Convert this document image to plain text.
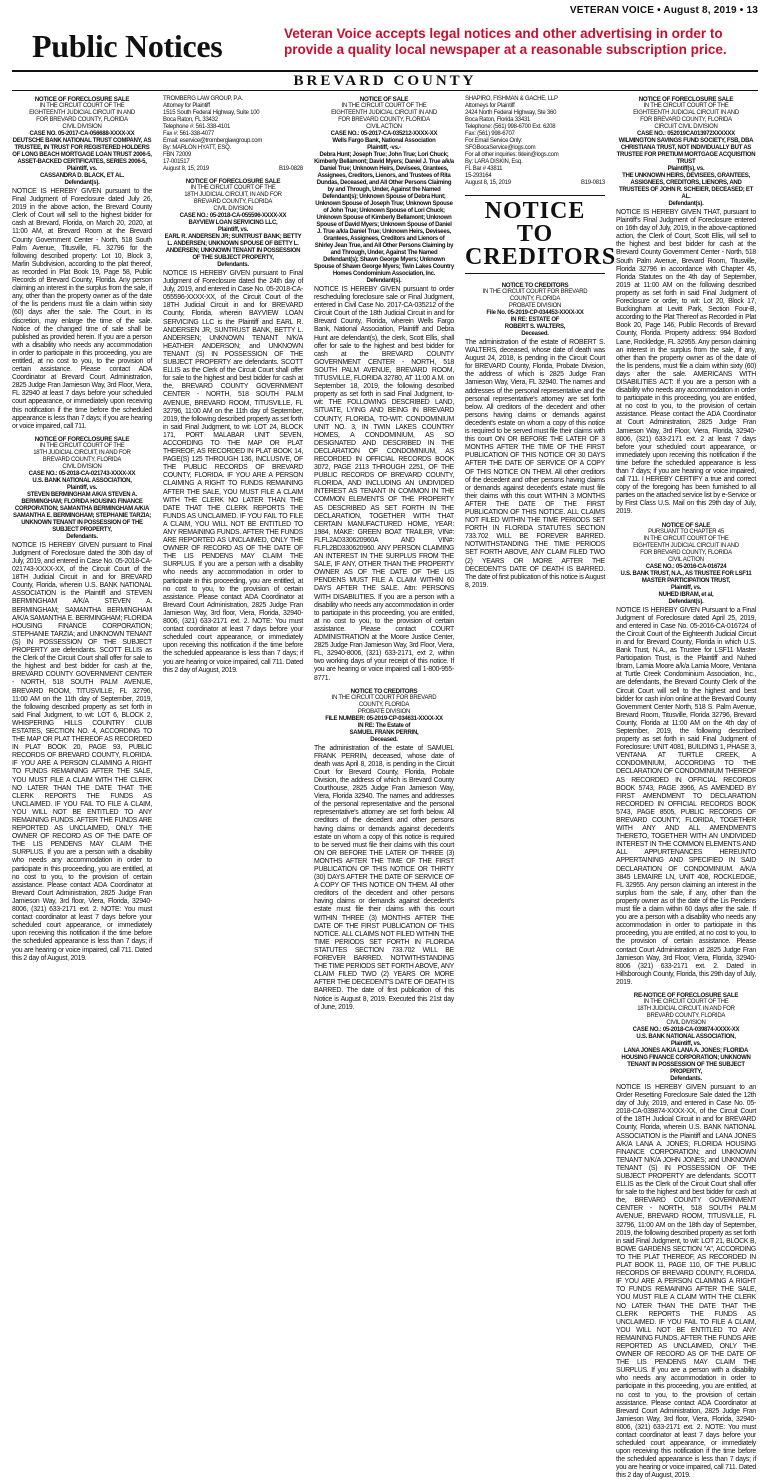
VETERAN VOICE • August 8, 2019 • 13
Public Notices	Veteran Voice accepts legal notices and other advertising in order to provide a quality local newspaper at a reasonable subscription price.
BREVARD COUNTY
NOTICE OF FORECLOSURE SALE
IN THE CIRCUIT COURT OF THE
EIGHTEENTH JUDICIAL CIRCUIT IN AND
FOR BREVARD COUNTY, FLORIDA
CIVIL DIVISION
CASE NO. 05-2017-CA-056688-XXXX-XX
DEUTSCHE BANK NATIONAL TRUST COMPANY, AS TRUSTEE, IN TRUST FOR REGISTERED HOLDERS OF LONG BEACH MORTGAGE LOAN TRUST 2006-5, ASSET-BACKED CERTIFICATES, SERIES 2006-5,
Plaintiff, vs.
CASSANDRA D. BLACK, ET AL.
Defendant(s).
NOTICE IS HEREBY GIVEN pursuant to the Final Judgment of Foreclosure dated July 26, 2019 in the above action, the Brevard County Clerk of Court will sell to the highest bidder for cash at Brevard, Florida, on March 20, 2020, at 11:00 AM, at Brevard Room at the Brevard County Government Center - North, 518 South Palm Avenue, Titusville, FL 32796 for the following described property: Lot 10, Block 3, Marlin Subdivision, according to the plat thereof, as recorded in Plat Book 19, Page 58, Public Records of Brevard County, Florida. Any person claiming an interest in the surplus from the sale, if any, other than the property owner as of the date of the lis pendens must file a claim within sixty (60) days after the sale. The Court, in its discretion, may enlarge the time of the sale. Notice of the changed time of sale shall be published as provided herein. If you are a person with a disability who needs any accommodation in order to participate in this proceeding, you are entitled, at no cost to you, to the provision of certain assistance. Please contact ADA Coordinator at Brevard Court Administration, 2825 Judge Fran Jamieson Way, 3rd Floor, Viera, FL 32940 at least 7 days before your scheduled court appearance, or immediately upon receiving this notification if the time before the scheduled appearance is less than 7 days; if you are hearing or voice impaired, call 711.
NOTICE OF FORECLOSURE SALE
IN THE CIRCUIT COURT OF THE
18TH JUDICIAL CIRCUIT, IN AND FOR
BREVARD COUNTY, FLORIDA
CIVIL DIVISION
CASE NO.: 05-2018-CA-021743-XXXX-XX
U.S. BANK NATIONAL ASSOCIATION,
Plaintiff, vs.
STEVEN BERMINGHAM A/K/A STEVEN A. BERMINGHAM; FLORIDA HOUSING FINANCE CORPORATION; SAMANTHA BERMINGHAM A/K/A SAMANTHA E. BERMINGHAM; STEPHANIE TARZIA; UNKNOWN TENANT IN POSSESSION OF THE SUBJECT PROPERTY,
Defendants.
NOTICE IS HEREBY GIVEN pursuant to Final Judgment of Foreclosure dated the 30th day of July, 2019, and entered in Case No. 05-2018-CA-021743-XXXX-XX, of the Circuit Court of the 18TH Judicial Circuit in and for BREVARD County, Florida, wherein U.S. BANK NATIONAL ASSOCIATION is the Plaintiff and STEVEN BERMINGHAM A/K/A STEVEN A. BERMINGHAM; SAMANTHA BERMINGHAM A/K/A SAMANTHA E. BERMINGHAM; FLORIDA HOUSING FINANCE CORPORATION; STEPHANIE TARZIA; and UNKNOWN TENANT (S) IN POSSESSION OF THE SUBJECT PROPERTY are defendants. SCOTT ELLIS as the Clerk of the Circuit Court shall offer for sale to the highest and best bidder for cash at the, BREVARD COUNTY GOVERNMENT CENTER - NORTH, 518 SOUTH PALM AVENUE, BREVARD ROOM, TITUSVILLE, FL 32796, 11:00 AM on the 11th day of September, 2019, the following described property as set forth in said Final Judgment, to wit: LOT 6, BLOCK 2, WHISPERING HILLS COUNTRY CLUB ESTATES, SECTION NO. 4, ACCORDING TO THE MAP OR PLAT THEREOF AS RECORDED IN PLAT BOOK 20, PAGE 93, PUBLIC RECORDS OF BREVARD COUNTY, FLORIDA. IF YOU ARE A PERSON CLAIMING A RIGHT TO FUNDS REMAINING AFTER THE SALE, YOU MUST FILE A CLAIM WITH THE CLERK NO LATER THAN THE DATE THAT THE CLERK REPORTS THE FUNDS AS UNCLAIMED. IF YOU FAIL TO FILE A CLAIM, YOU WILL NOT BE ENTITLED TO ANY REMAINING FUNDS. AFTER THE FUNDS ARE REPORTED AS UNCLAIMED, ONLY THE OWNER OF RECORD AS OF THE DATE OF THE LIS PENDENS MAY CLAIM THE SURPLUS. If you are a person with a disability who needs any accommodation in order to participate in this proceeding, you are entitled, at no cost to you, to the provision of certain assistance. Please contact ADA Coordinator at Brevard Court Administration, 2825 Judge Fran Jamieson Way, 3rd floor, Viera, Florida, 32940-8006, (321) 633-2171 ext. 2. NOTE: You must contact coordinator at least 7 days before your scheduled court appearance, or immediately upon receiving this notification if the time before the scheduled appearance is less than 7 days; if you are hearing or voice impaired, call 711. Dated this 2 day of August, 2019.
TROMBERG LAW GROUP, P.A.
Attorney for Plaintiff
1515 South Federal Highway, Suite 100
Boca Raton, FL 33432
Telephone #: 561-338-4101
Fax #: 561-338-4077
Email: eservice@tromberglawgroup.com
By: MARLON HYATT, ESQ.
FBN 72009
17-001517
August 8, 15, 2019	B19-0828
NOTICE OF FORECLOSURE SALE
IN THE CIRCUIT COURT OF THE
18TH JUDICIAL CIRCUIT, IN AND FOR
BREVARD COUNTY, FLORIDA
CIVIL DIVISION
CASE NO.: 05-2018-CA-055596-XXXX-XX
BAYVIEW LOAN SERVICING LLC,
Plaintiff, vs.
EARL R. ANDERSEN JR; SUNTRUST BANK; BETTY L. ANDERSEN; UNKNOWN SPOUSE OF BETTY L. ANDERSEN; UNKNOWN TENANT IN POSSESSION OF THE SUBJECT PROPERTY,
Defendants.
NOTICE IS HEREBY GIVEN pursuant to Final Judgment of Foreclosure dated the 24th day of July, 2019, and entered in Case No. 05-2018-CA-055596-XXXX-XX, of the Circuit Court of the 18TH Judicial Circuit in and for BREVARD County, Florida, wherein BAYVIEW LOAN SERVICING LLC is the Plaintiff and EARL R. ANDERSEN JR, SUNTRUST BANK, BETTY L. ANDERSEN; UNKNOWN TENANT N/K/A HEATHER ANDERSON; and UNKNOWN TENANT (S) IN POSSESSION OF THE SUBJECT PROPERTY are defendants. SCOTT ELLIS as the Clerk of the Circuit Court shall offer for sale to the highest and best bidder for cash at the, BREVARD COUNTY GOVERNMENT CENTER - NORTH, 518 SOUTH PALM AVENUE, BREVARD ROOM, TITUSVILLE, FL 32796, 11:00 AM on the 11th day of September, 2019, the following described property as set forth in said Final Judgment, to wit: LOT 24, BLOCK 171, PORT MALABAR UNIT SEVEN, ACCORDING TO THE MAP OR PLAT THEREOF, AS RECORDED IN PLAT BOOK 14, PAGE(S) 125 THROUGH 136, INCLUSIVE, OF THE PUBLIC RECORDS OF BREVARD COUNTY, FLORIDA. IF YOU ARE A PERSON CLAIMING A RIGHT TO FUNDS REMAINING AFTER THE SALE, YOU MUST FILE A CLAIM WITH THE CLERK NO LATER THAN THE DATE THAT THE CLERK REPORTS THE FUNDS AS UNCLAIMED. IF YOU FAIL TO FILE A CLAIM, YOU WILL NOT BE ENTITLED TO ANY REMAINING FUNDS. AFTER THE FUNDS ARE REPORTED AS UNCLAIMED, ONLY THE OWNER OF RECORD AS OF THE DATE OF THE LIS PENDENS MAY CLAIM THE SURPLUS. If you are a person with a disability who needs any accommodation in order to participate in this proceeding, you are entitled, at no cost to you, to the provision of certain assistance. Please contact ADA Coordinator at Brevard Court Administration, 2825 Judge Fran Jamieson Way, 3rd floor, Viera, Florida, 32940-8006, (321) 633-2171 ext. 2. NOTE: You must contact coordinator at least 7 days before your scheduled court appearance, or immediately upon receiving this notification if the time before the scheduled appearance is less than 7 days; if you are hearing or voice impaired, call 711. Dated this 2 day of August, 2019.
NOTICE OF SALE
IN THE CIRCUIT COURT OF THE
EIGHTEENTH JUDICIAL CIRCUIT IN AND
FOR BREVARD COUNTY, FLORIDA
CIVIL ACTION
CASE NO.: 05-2017-CA-035212-XXXX-XX
Wells Fargo Bank, National Association
Plaintiff, -vs.-
Debra Hunt; Joseph True; John True; Lori Chuck; Kimberly Bellamont; David Myers; Daniel J. True a/k/a Daniel True; Unknown Heirs, Devisees, Grantees, Assignees, Creditors, Lienors, and Trustees of Rita Dundas, Deceased, and All Other Persons Claiming by and Through, Under, Against the Named Defendant(s); Unknown Spouse of Debra Hunt; Unknown Spouse of Joseph True; Unknown Spouse of John True; Unknown Spouse of Lori Chuck; Unknown Spouse of Kimberly Bellamont; Unknown Spouse of David Myers; Unknown Spouse of Daniel J. True a/k/a Daniel True; Unknown Heirs, Devisees, Grantees, Assignees, Creditors and Lienors of Shirley Jean True, and All Other Persons Claiming by and Through, Under, Against The Named Defendant(s); Shawn George Myers; Unknown Spouse of Shawn George Myers; Twin Lakes Country Homes Condominium Association, Inc.
Defendant(s).
NOTICE IS HEREBY GIVEN pursuant to order rescheduling foreclosure sale or Final Judgment, entered in Civil Case No. 2017-CA-035212 of the Circuit Court of the 18th Judicial Circuit in and for Brevard County, Florida, wherein Wells Fargo Bank, National Association, Plaintiff and Debra Hunt are defendant(s), the clerk, Scott Ellis, shall offer for sale to the highest and best bidder for cash at the BREVARD COUNTY GOVERNMENT CENTER - NORTH, 518 SOUTH PALM AVENUE, BREVARD ROOM, TITUSVILLE, FLORIDA 32780, AT 11:00 A.M. on September 18, 2019, the following described property as set forth in said Final Judgment, to-wit: THE FOLLOWING DESCRIBED LAND, SITUATE, LYING AND BEING IN BREVARD COUNTY, FLORIDA, TO-WIT: CONDOMINIUM UNIT NO. 3, IN TWIN LAKES COUNTRY HOMES, A CONDOMINIUM, AS SO DESIGNATED AND DESCRIBED IN THE DECLARATION OF CONDOMINIUM, AS RECORDED IN OFFICIAL RECORDS BOOK 3072, PAGE 2113 THROUGH 2251, OF THE PUBLIC RECORDS OF BREVARD COUNTY, FLORIDA, AND INCLUDING AN UNDIVIDED INTEREST AS TENANT IN COMMON IN THE COMMON ELEMENTS OF THE PROPERTY AS DESCRIBED AS SET FORTH IN THE DECLARATION, TOGETHER WITH THAT CERTAIN MANUFACTURED HOME, YEAR: 1984, MAKE: GREEN BOAT TRAILER, VIN#: FLFL2AD330620960A AND VIN#: FLFL2BD330620960. ANY PERSON CLAIMING AN INTEREST IN THE SURPLUS FROM THE SALE, IF ANY, OTHER THAN THE PROPERTY OWNER AS OF THE DATE OF THE LIS PENDENS MUST FILE A CLAIM WITHIN 60 DAYS AFTER THE SALE. Attn: PERSONS WITH DISABILITIES. If you are a person with a disability who needs any accommodation in order to participate in this proceeding, you are entitled, at no cost to you, to the provision of certain assistance. Please contact COURT ADMINISTRATION at the Moore Justice Center, 2825 Judge Fran Jamieson Way, 3rd Floor, Viera, FL, 32940-8006, (321) 633-2171, ext 2, within two working days of your receipt of this notice. If you are hearing or voice impaired call 1-800-955-8771.
NOTICE TO CREDITORS
IN THE CIRCUIT COURT FOR BREVARD
COUNTY, FLORIDA
PROBATE DIVISION
FILE NUMBER: 05-2019-CP-034631-XXXX-XX
IN RE: The Estate of
SAMUEL FRANK PERRIN,
Deceased.
The administration of the estate of SAMUEL FRANK PERRIN, deceased, whose date of death was April 8, 2018, is pending in the Circuit Court for Brevard County, Florida, Probate Division, the address of which is Brevard County Courthouse, 2825 Judge Fran Jamieson Way, Viera, Florida 32940. The names and addresses of the personal representative and the personal representative's attorney are set forth below. All creditors of the decedent and other persons having claims or demands against decedent's estate on whom a copy of this notice is required to be served must file their claims with this court ON OR BEFORE THE LATER OF THREE (3) MONTHS AFTER THE TIME OF THE FIRST PUBLICATION OF THIS NOTICE OR THIRTY (30) DAYS AFTER THE DATE OF SERVICE OF A COPY OF THIS NOTICE ON THEM. All other creditors of the decedent and other persons having claims or demands against decedent's estate must file their claims with this court WITHIN THREE (3) MONTHS AFTER THE DATE OF THE FIRST PUBLICATION OF THIS NOTICE. ALL CLAIMS NOT FILED WITHIN THE TIME PERIODS SET FORTH IN FLORIDA STATUTES SECTION 733.702 WILL BE FOREVER BARRED. NOTWITHSTANDING THE TIME PERIODS SET FORTH ABOVE, ANY CLAIM FILED TWO (2) YEARS OR MORE AFTER THE DECEDENT'S DATE OF DEATH IS BARRED. The date of first publication of this Notice is August 8, 2019. Executed this 21st day of June, 2019.
SHAPIRO, FISHMAN & GACHE, LLP
Attorneys for Plaintiff
2424 North Federal Highway, Ste 360
Boca Raton, Florida 33431
Telephone: (561) 998-6700 Ext. 6208
Fax: (561) 998-6707
For Email Service Only:
SFGBocaService@logs.com
For all other inquiries: tklein@logs.com
By: LARA DISKIN, Esq.
FL Bar # 43811
15-293164
August 8, 15, 2019	B19-0813
NOTICE TO CREDITORS
NOTICE TO CREDITORS
IN THE CIRCUIT COURT FOR BREVARD
COUNTY, FLORIDA
PROBATE DIVISION
File No. 05-2019-CP-034453-XXXX-XX
IN RE: ESTATE OF
ROBERT S. WALTERS,
Deceased.
The administration of the estate of ROBERT S. WALTERS, deceased, whose date of death was August 24, 2018, is pending in the Circuit Court for BREVARD County, Florida, Probate Division, the address of which is 2825 Judge Fran Jamieson Way, Viera, FL 32940. The names and addresses of the personal representative and the personal representative's attorney are set forth below. All creditors of the decedent and other persons having claims or demands against decedent's estate on whom a copy of this notice is required to be served must file their claims with this court ON OR BEFORE THE LATER OF 3 MONTHS AFTER THE TIME OF THE FIRST PUBLICATION OF THIS NOTICE OR 30 DAYS AFTER THE DATE OF SERVICE OF A COPY OF THIS NOTICE ON THEM. All other creditors of the decedent and other persons having claims or demands against decedent's estate must file their claims with this court WITHIN 3 MONTHS AFTER THE DATE OF THE FIRST PUBLICATION OF THIS NOTICE. ALL CLAIMS NOT FILED WITHIN THE TIME PERIODS SET FORTH IN FLORIDA STATUTES SECTION 733.702 WILL BE FOREVER BARRED. NOTWITHSTANDING THE TIME PERIODS SET FORTH ABOVE, ANY CLAIM FILED TWO (2) YEARS OR MORE AFTER THE DECEDENT'S DATE OF DEATH IS BARRED. The date of first publication of this notice is August 8, 2019.
NOTICE OF FORECLOSURE SALE
IN THE CIRCUIT COURT OF THE
EIGHTEENTH JUDICIAL CIRCUIT IN AND
FOR BREVARD COUNTY, FLORIDA
CIRCUIT CIVIL DIVISION
CASE NO.: 052019CA013972XXXXXX
WILMINGTON SAVINGS FUND SOCIETY, FSB, DBA CHRISTIANA TRUST, NOT INDIVIDUALLY BUT AS TRUSTEE FOR PRETIUM MORTGAGE ACQUISITION TRUST
Plaintiff(s), vs.
THE UNKNOWN HEIRS, DEVISEES, GRANTEES, ASSIGNEES, CREDITORS, LIENORS, AND TRUSTEES OF JOHN R. SCHEIER, DECEASED; ET AL.
Defendant(s).
NOTICE IS HEREBY GIVEN THAT, pursuant to Plaintiff's Final Judgment of Foreclosure entered on 16th day of July, 2019, in the above-captioned action, the Clerk of Court, Scott Ellis, will sell to the highest and best bidder for cash at the Brevard County Government Center - North, 518 South Palm Avenue, Brevard Room, Titusville, Florida 32796 in accordance with Chapter 45, Florida Statutes on the 4th day of September, 2019 at 11:00 AM on the following described property as set forth in said Final Judgment of Foreclosure or order, to wit: Lot 20, Block 17, Buckingham at Levitt Park, Section Four-B, according to the Plat Thereof as Recorded in Plat Book 20, Page 146, Public Records of Brevard County, Florida. Property address: 994 Boxford Lane, Rockledge, FL 32955. Any person claiming an interest in the surplus from the sale, if any, other than the property owner as of the date of the lis pendens, must file a claim within sixty (60) days after the sale. AMERICANS WITH DISABILITIES ACT: If you are a person with a disability who needs any accommodation in order to participate in this proceeding, you are entitled, at no cost to you, to the provision of certain assistance. Please contact the ADA Coordinator at Court Administration, 2825 Judge Fran Jamieson Way, 3rd Floor, Viera, Florida, 32940-8006, (321) 633-2171 ext. 2 at least 7 days before your scheduled court appearance, or immediately upon receiving this notification if the time before the scheduled appearance is less than 7 days; if you are hearing or voice impaired, call 711. I HEREBY CERTIFY a true and correct copy of the foregoing has been furnished to all parties on the attached service list by e-Service or by First Class U.S. Mail on this 29th day of July, 2019.
NOTICE OF SALE
PURSUANT TO CHAPTER 45
IN THE CIRCUIT COURT OF THE
EIGHTEENTH JUDICIAL CIRCUIT IN AND
FOR BREVARD COUNTY, FLORIDA
CIVIL ACTION
CASE NO.: 05-2016-CA-016724
U.S. BANK TRUST, N.A., AS TRUSTEE FOR LSF11 MASTER PARTICIPATION TRUST,
Plaintiff, vs.
NUHED IBRAM, et al,
Defendant(s).
NOTICE IS HEREBY GIVEN Pursuant to a Final Judgment of Foreclosure dated April 25, 2019, and entered in Case No. 05-2016-CA-016724 of the Circuit Court of the Eighteenth Judicial Circuit in and for Brevard County, Florida in which U.S. Bank Trust, N.A., as Trustee for LSF11 Master Participation Trust, is the Plaintiff and Nuhed Ibram, Lamia Moore a/k/a Lamia Moore, Ventana at Turtle Creek Condominium Association, Inc., are defendants, the Brevard County Clerk of the Circuit Court will sell to the highest and best bidder for cash in/on online at the Brevard County Government Center North, 518 S. Palm Avenue, Brevard Room, Titusville, Florida 32796, Brevard County, Florida at 11:00 AM on the 4th day of September, 2019, the following described property as set forth in said Final Judgment of Foreclosure: UNIT 4081, BUILDING 1, PHASE 3, VENTANA AT TURTLE CREEK, A CONDOMINIUM, ACCORDING TO THE DECLARATION OF CONDOMINIUM THEREOF AS RECORDED IN OFFICIAL RECORDS BOOK 5743, PAGE 3966, AS AMENDED BY FIRST AMENDMENT TO DECLARATION RECORDED IN OFFICIAL RECORDS BOOK 5743, PAGE 8505, PUBLIC RECORDS OF BREVARD COUNTY, FLORIDA, TOGETHER WITH ANY AND ALL AMENDMENTS THERETO, TOGETHER WITH AN UNDIVIDED INTEREST IN THE COMMON ELEMENTS AND ALL APPURTENANCES HEREUNTO APPERTAINING AND SPECIFIED IN SAID DECLARATION OF CONDOMINIUM. A/K/A 3845 LEMAIRE LN, UNIT 408, ROCKLEDGE, FL 32955. Any person claiming an interest in the surplus from the sale, if any, other than the property owner as of the date of the Lis Pendens must file a claim within 60 days after the sale. If you are a person with a disability who needs any accommodation in order to participate in this proceeding, you are entitled, at no cost to you, to the provision of certain assistance. Please contact Court Administration at 2825 Judge Fran Jamieson Way, 3rd Floor, Viera, Florida, 32940-8006 (321) 633-2171 ext. 2. Dated in Hillsborough County, Florida, this 29th day of July, 2019.
RE-NOTICE OF FORECLOSURE SALE
IN THE CIRCUIT COURT OF THE
18TH JUDICIAL CIRCUIT, IN AND FOR
BREVARD COUNTY, FLORIDA
CIVIL DIVISION
CASE NO.: 05-2018-CA-039874-XXXX-XX
U.S. BANK NATIONAL ASSOCIATION,
Plaintiff, vs.
LANA JONES A/K/A LANA A. JONES; FLORIDA HOUSING FINANCE CORPORATION; UNKNOWN TENANT IN POSSESSION OF THE SUBJECT PROPERTY,
Defendants.
NOTICE IS HEREBY GIVEN pursuant to an Order Resetting Foreclosure Sale dated the 12th day of July, 2019, and entered in Case No. 05-2018-CA-039874-XXXX-XX, of the Circuit Court of the 18TH Judicial Circuit in and for BREVARD County, Florida, wherein U.S. BANK NATIONAL ASSOCIATION is the Plaintiff and LANA JONES A/K/A LANA A. JONES; FLORIDA HOUSING FINANCE CORPORATION; and UNKNOWN TENANT N/K/A JOHN JONES; and UNKNOWN TENANT (S) IN POSSESSION OF THE SUBJECT PROPERTY are defendants. SCOTT ELLIS as the Clerk of the Circuit Court shall offer for sale to the highest and best bidder for cash at the, BREVARD COUNTY GOVERNMENT CENTER - NORTH, 518 SOUTH PALM AVENUE, BREVARD ROOM, TITUSVILLE, FL 32796, 11:00 AM on the 18th day of September, 2019, the following described property as set forth in said Final Judgment, to wit: LOT 21, BLOCK B, BOWE GARDENS SECTION "A", ACCORDING TO THE PLAT THEREOF, AS RECORDED IN PLAT BOOK 11, PAGE 110, OF THE PUBLIC RECORDS OF BREVARD COUNTY, FLORIDA. IF YOU ARE A PERSON CLAIMING A RIGHT TO FUNDS REMAINING AFTER THE SALE, YOU MUST FILE A CLAIM WITH THE CLERK NO LATER THAN THE DATE THAT THE CLERK REPORTS THE FUNDS AS UNCLAIMED. IF YOU FAIL TO FILE A CLAIM, YOU WILL NOT BE ENTITLED TO ANY REMAINING FUNDS. AFTER THE FUNDS ARE REPORTED AS UNCLAIMED, ONLY THE OWNER OF RECORD AS OF THE DATE OF THE LIS PENDENS MAY CLAIM THE SURPLUS. If you are a person with a disability who needs any accommodation in order to participate in this proceeding, you are entitled, at no cost to you, to the provision of certain assistance. Please contact ADA Coordinator at Brevard Court Administration, 2825 Judge Fran Jamieson Way, 3rd floor, Viera, Florida, 32940-8006, (321) 633-2171 ext. 2. NOTE: You must contact coordinator at least 7 days before your scheduled court appearance, or immediately upon receiving this notification if the time before the scheduled appearance is less than 7 days; if you are hearing or voice impaired, call 711. Dated this 2 day of August, 2019.
